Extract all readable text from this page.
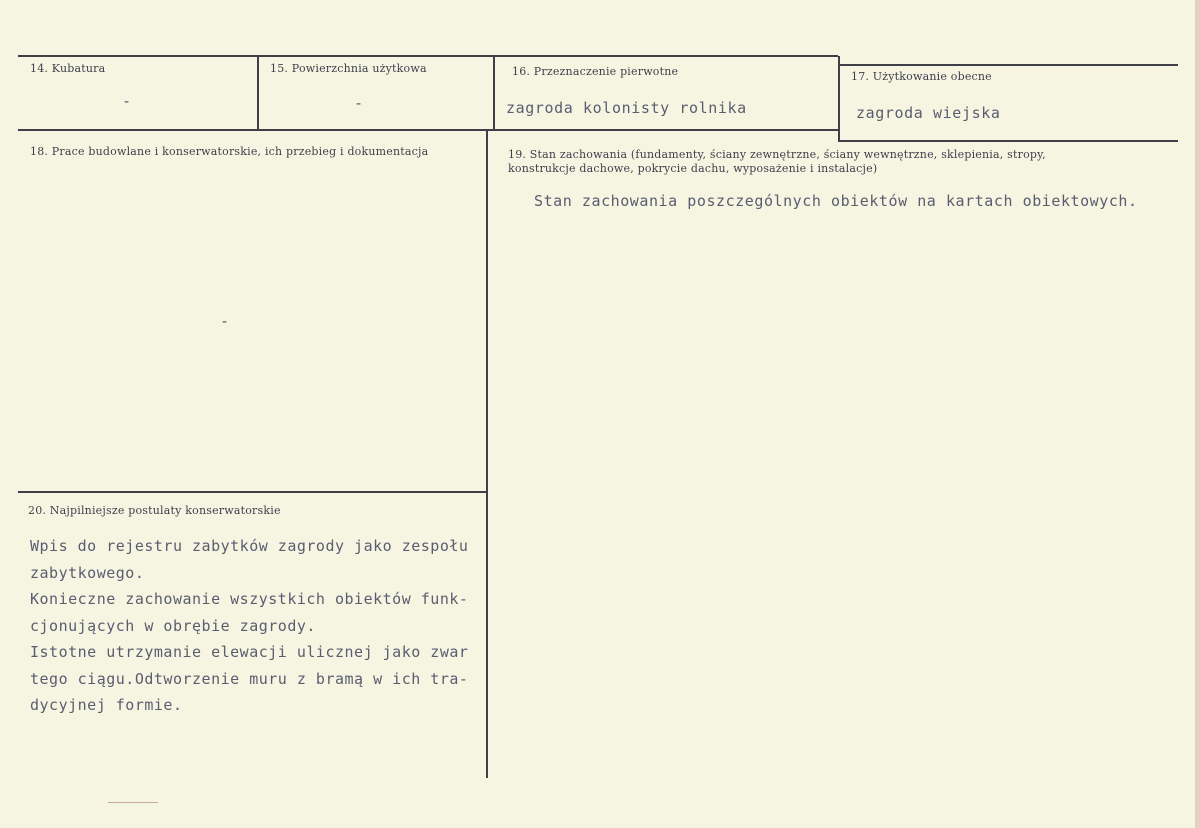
14. Kubatura
-
15. Powierzchnia użytkowa
-
16. Przeznaczenie pierwotne
zagroda kolonisty rolnika
17. Użytkowanie obecne
zagroda wiejska
18. Prace budowlane i konserwatorskie, ich przebieg i dokumentacja
-
19. Stan zachowania (fundamenty, ściany zewnętrzne, ściany wewnętrzne, sklepienia, stropy,
konstrukcje dachowe, pokrycie dachu, wyposażenie i instalacje)
Stan zachowania poszczególnych obiektów na kartach obiektowych.
20. Najpilniejsze postulaty konserwatorskie
Wpis do rejestru zabytków zagrody jako zespołu
zabytkowego.
Konieczne zachowanie wszystkich obiektów funk-
cjonujących w obrębie zagrody.
Istotne utrzymanie elewacji ulicznej jako zwar
tego ciągu.Odtworzenie muru z bramą w ich tra-
dycyjnej formie.
